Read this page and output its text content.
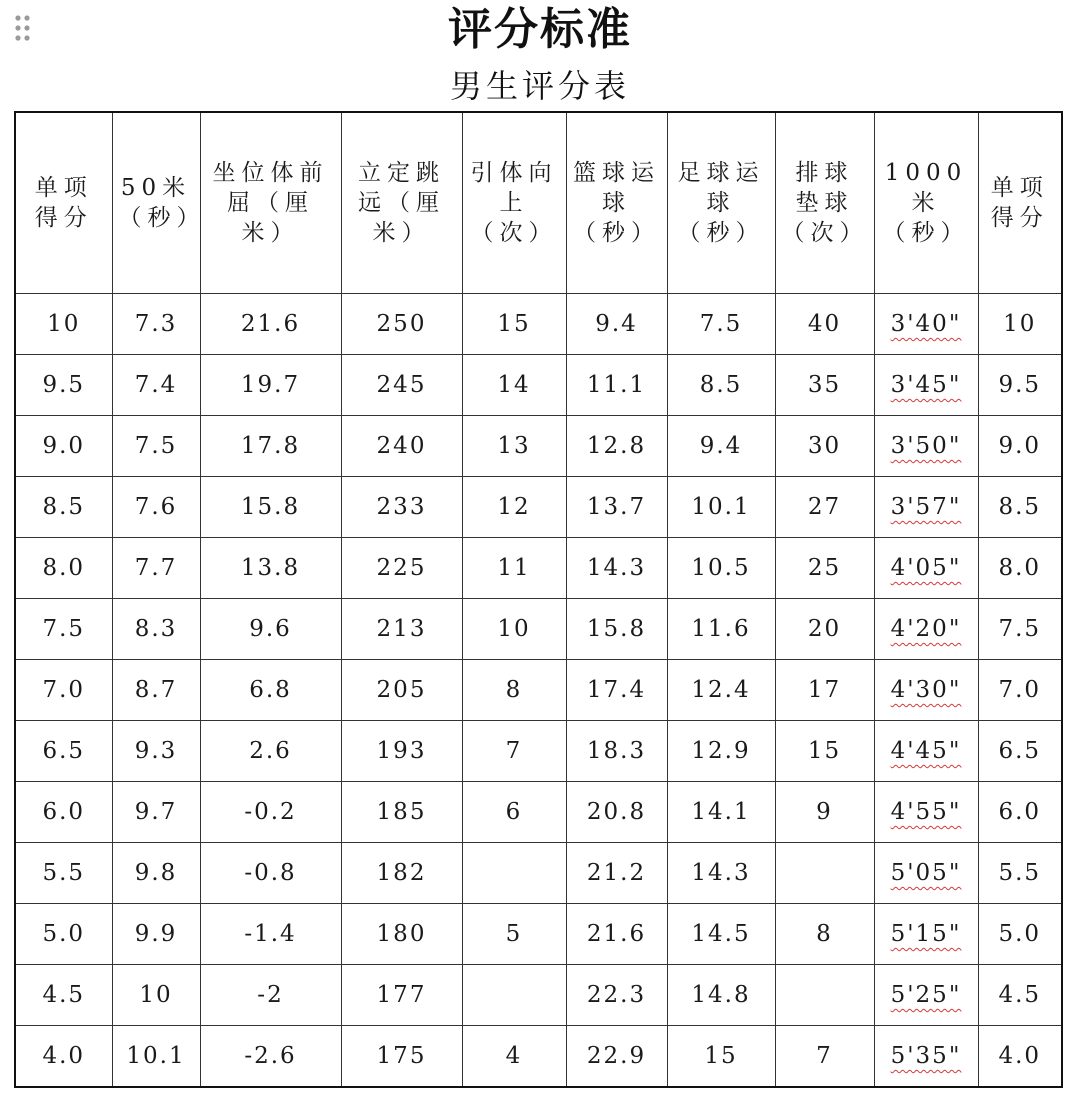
评分标准
男生评分表
单项得分	50米（秒）	坐位体前屈（厘米）	立定跳远（厘米）	引体向上（次）	篮球运球（秒）	足球运球（秒）	排球垫球（次）	1000米（秒）	单项得分
10	7.3	21.6	250	15	9.4	7.5	40	3'40"	10
9.5	7.4	19.7	245	14	11.1	8.5	35	3'45"	9.5
9.0	7.5	17.8	240	13	12.8	9.4	30	3'50"	9.0
8.5	7.6	15.8	233	12	13.7	10.1	27	3'57"	8.5
8.0	7.7	13.8	225	11	14.3	10.5	25	4'05"	8.0
7.5	8.3	9.6	213	10	15.8	11.6	20	4'20"	7.5
7.0	8.7	6.8	205	8	17.4	12.4	17	4'30"	7.0
6.5	9.3	2.6	193	7	18.3	12.9	15	4'45"	6.5
6.0	9.7	-0.2	185	6	20.8	14.1	9	4'55"	6.0
5.5	9.8	-0.8	182		21.2	14.3		5'05"	5.5
5.0	9.9	-1.4	180	5	21.6	14.5	8	5'15"	5.0
4.5	10	-2	177		22.3	14.8		5'25"	4.5
4.0	10.1	-2.6	175	4	22.9	15	7	5'35"	4.0
